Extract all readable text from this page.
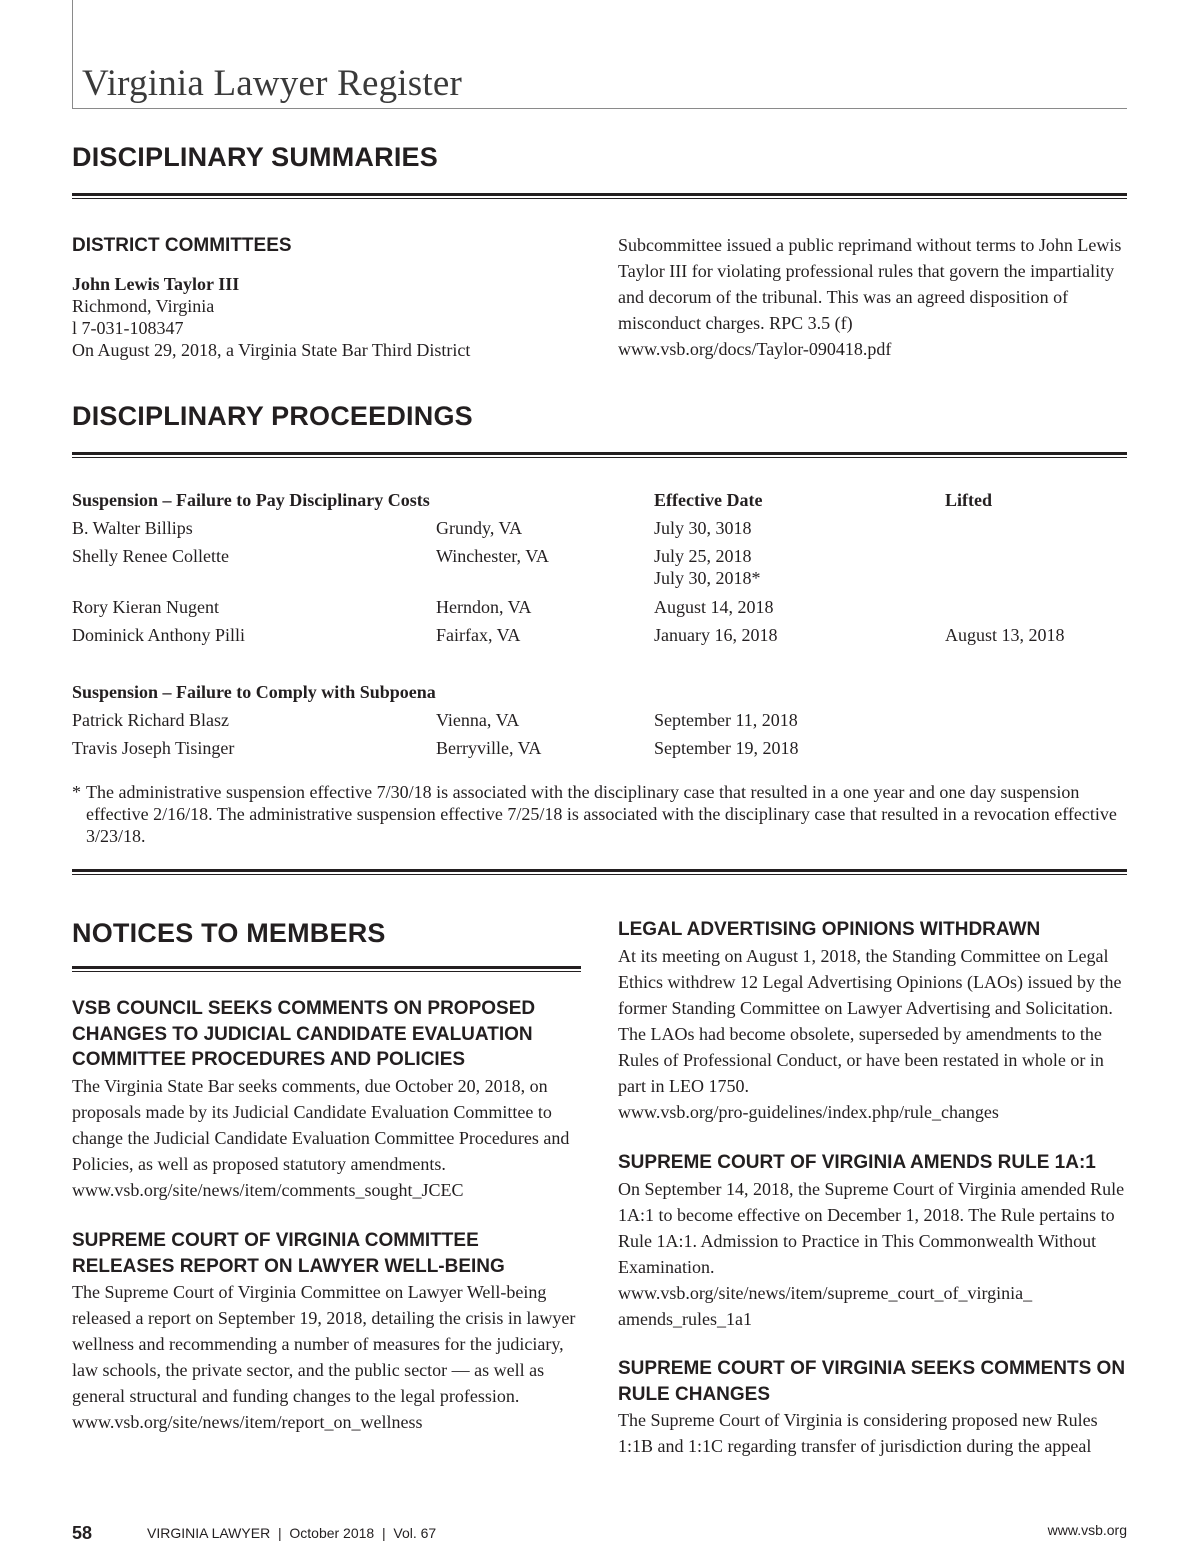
Virginia Lawyer Register
DISCIPLINARY SUMMARIES
DISTRICT COMMITTEES
John Lewis Taylor III
Richmond, Virginia
l 7-031-108347
On August 29, 2018, a Virginia State Bar Third District
Subcommittee issued a public reprimand without terms to John Lewis Taylor III for violating professional rules that govern the impartiality and decorum of the tribunal. This was an agreed disposition of misconduct charges. RPC 3.5 (f)
www.vsb.org/docs/Taylor-090418.pdf
DISCIPLINARY PROCEEDINGS
Suspension – Failure to Pay Disciplinary Costs	Effective Date	Lifted
B. Walter Billips	Grundy, VA	July 30, 3018
Shelly Renee Collette	Winchester, VA	July 25, 2018
July 30, 2018*
Rory Kieran Nugent	Herndon, VA	August 14, 2018
Dominick Anthony Pilli	Fairfax, VA	January 16, 2018	August 13, 2018
Suspension – Failure to Comply with Subpoena
Patrick Richard Blasz	Vienna, VA	September 11, 2018
Travis Joseph Tisinger	Berryville, VA	September 19, 2018
* The administrative suspension effective 7/30/18 is associated with the disciplinary case that resulted in a one year and one day suspension effective 2/16/18. The administrative suspension effective 7/25/18 is associated with the disciplinary case that resulted in a revocation effective 3/23/18.
NOTICES TO MEMBERS
VSB COUNCIL SEEKS COMMENTS ON PROPOSED CHANGES TO JUDICIAL CANDIDATE EVALUATION COMMITTEE PROCEDURES AND POLICIES
The Virginia State Bar seeks comments, due October 20, 2018, on proposals made by its Judicial Candidate Evaluation Committee to change the Judicial Candidate Evaluation Committee Procedures and Policies, as well as proposed statutory amendments.
www.vsb.org/site/news/item/comments_sought_JCEC
SUPREME COURT OF VIRGINIA COMMITTEE RELEASES REPORT ON LAWYER WELL-BEING
The Supreme Court of Virginia Committee on Lawyer Well-being released a report on September 19, 2018, detailing the crisis in lawyer wellness and recommending a number of measures for the judiciary, law schools, the private sector, and the public sector — as well as general structural and funding changes to the legal profession.
www.vsb.org/site/news/item/report_on_wellness
LEGAL ADVERTISING OPINIONS WITHDRAWN
At its meeting on August 1, 2018, the Standing Committee on Legal Ethics withdrew 12 Legal Advertising Opinions (LAOs) issued by the former Standing Committee on Lawyer Advertising and Solicitation. The LAOs had become obsolete, superseded by amendments to the Rules of Professional Conduct, or have been restated in whole or in part in LEO 1750.
www.vsb.org/pro-guidelines/index.php/rule_changes
SUPREME COURT OF VIRGINIA AMENDS RULE 1A:1
On September 14, 2018, the Supreme Court of Virginia amended Rule 1A:1 to become effective on December 1, 2018. The Rule pertains to Rule 1A:1. Admission to Practice in This Commonwealth Without Examination.
www.vsb.org/site/news/item/supreme_court_of_virginia_ amends_rules_1a1
SUPREME COURT OF VIRGINIA SEEKS COMMENTS ON RULE CHANGES
The Supreme Court of Virginia is considering proposed new Rules 1:1B and 1:1C regarding transfer of jurisdiction during the appeal
58	VIRGINIA LAWYER  |  October 2018  |  Vol. 67	www.vsb.org
